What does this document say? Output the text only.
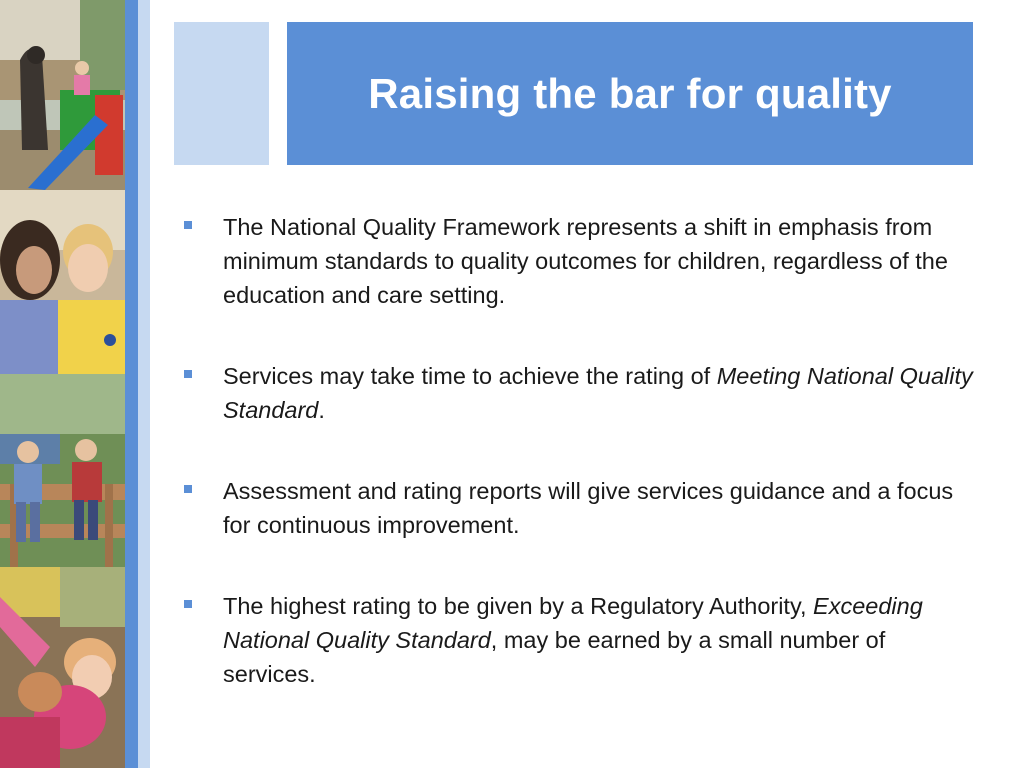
Raising the bar for quality
The National Quality Framework represents a shift in emphasis from minimum standards to quality outcomes for children, regardless of the education and care setting.
Services may take time to achieve the rating of Meeting National Quality Standard.
Assessment and rating reports will give services guidance and a focus for continuous improvement.
The highest rating to be given by a Regulatory Authority, Exceeding National Quality Standard, may be earned by a small number of services.
